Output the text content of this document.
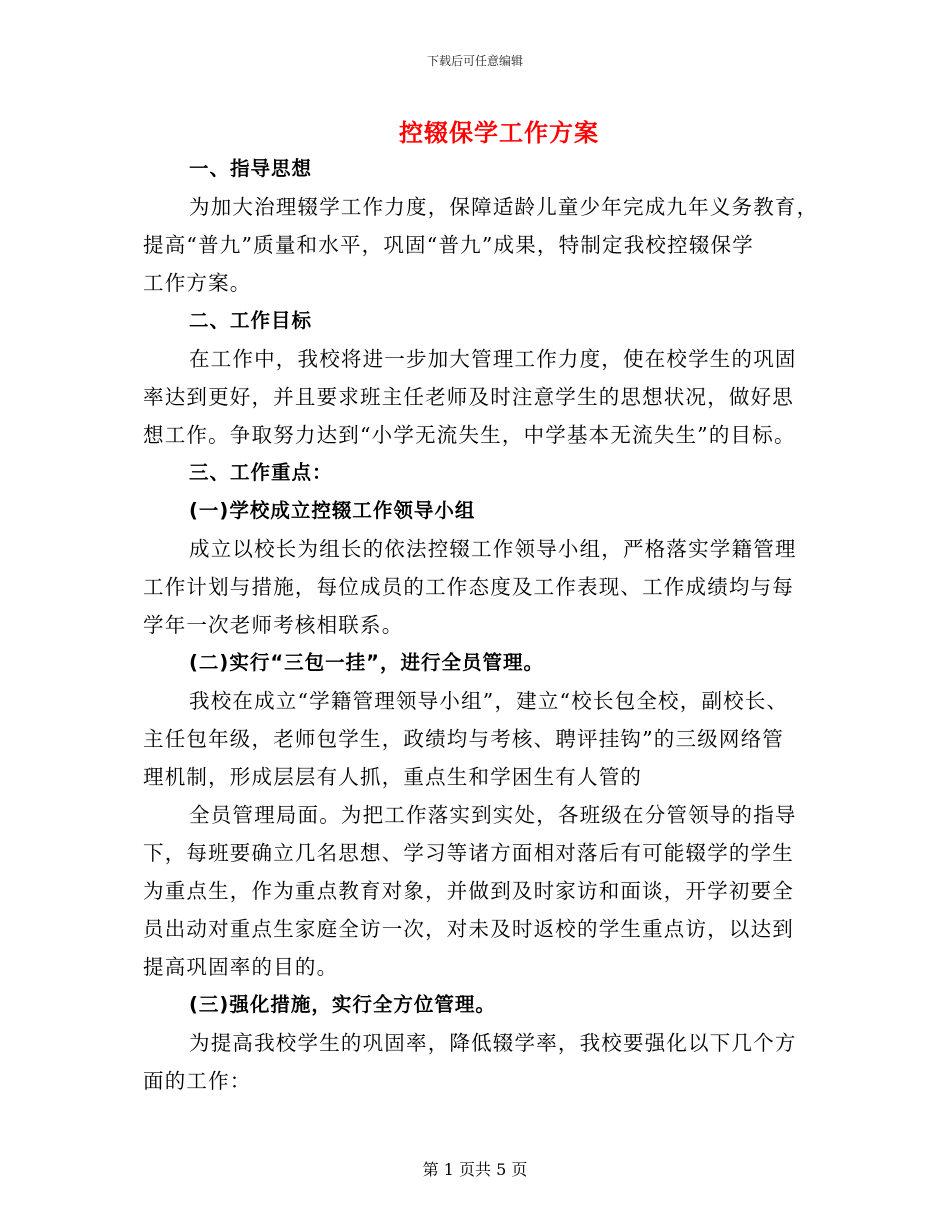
下载后可任意编辑
控辍保学工作方案
一、指导思想
为加大治理辍学工作力度，保障适龄儿童少年完成九年义务教育，
提高“普九”质量和水平，巩固“普九”成果，特制定我校控辍保学
工作方案。
二、工作目标
在工作中，我校将进一步加大管理工作力度，使在校学生的巩固
率达到更好，并且要求班主任老师及时注意学生的思想状况，做好思
想工作。争取努力达到“小学无流失生，中学基本无流失生”的目标。
三、工作重点：
(一)学校成立控辍工作领导小组
成立以校长为组长的依法控辍工作领导小组，严格落实学籍管理
工作计划与措施，每位成员的工作态度及工作表现、工作成绩均与每
学年一次老师考核相联系。
(二)实行“三包一挂”，进行全员管理。
我校在成立“学籍管理领导小组”，建立“校长包全校，副校长、
主任包年级，老师包学生，政绩均与考核、聘评挂钩”的三级网络管
理机制，形成层层有人抓，重点生和学困生有人管的
全员管理局面。为把工作落实到实处，各班级在分管领导的指导
下，每班要确立几名思想、学习等诸方面相对落后有可能辍学的学生
为重点生，作为重点教育对象，并做到及时家访和面谈，开学初要全
员出动对重点生家庭全访一次，对未及时返校的学生重点访，以达到
提高巩固率的目的。
(三)强化措施，实行全方位管理。
为提高我校学生的巩固率，降低辍学率，我校要强化以下几个方
面的工作：
第 1 页共 5 页
